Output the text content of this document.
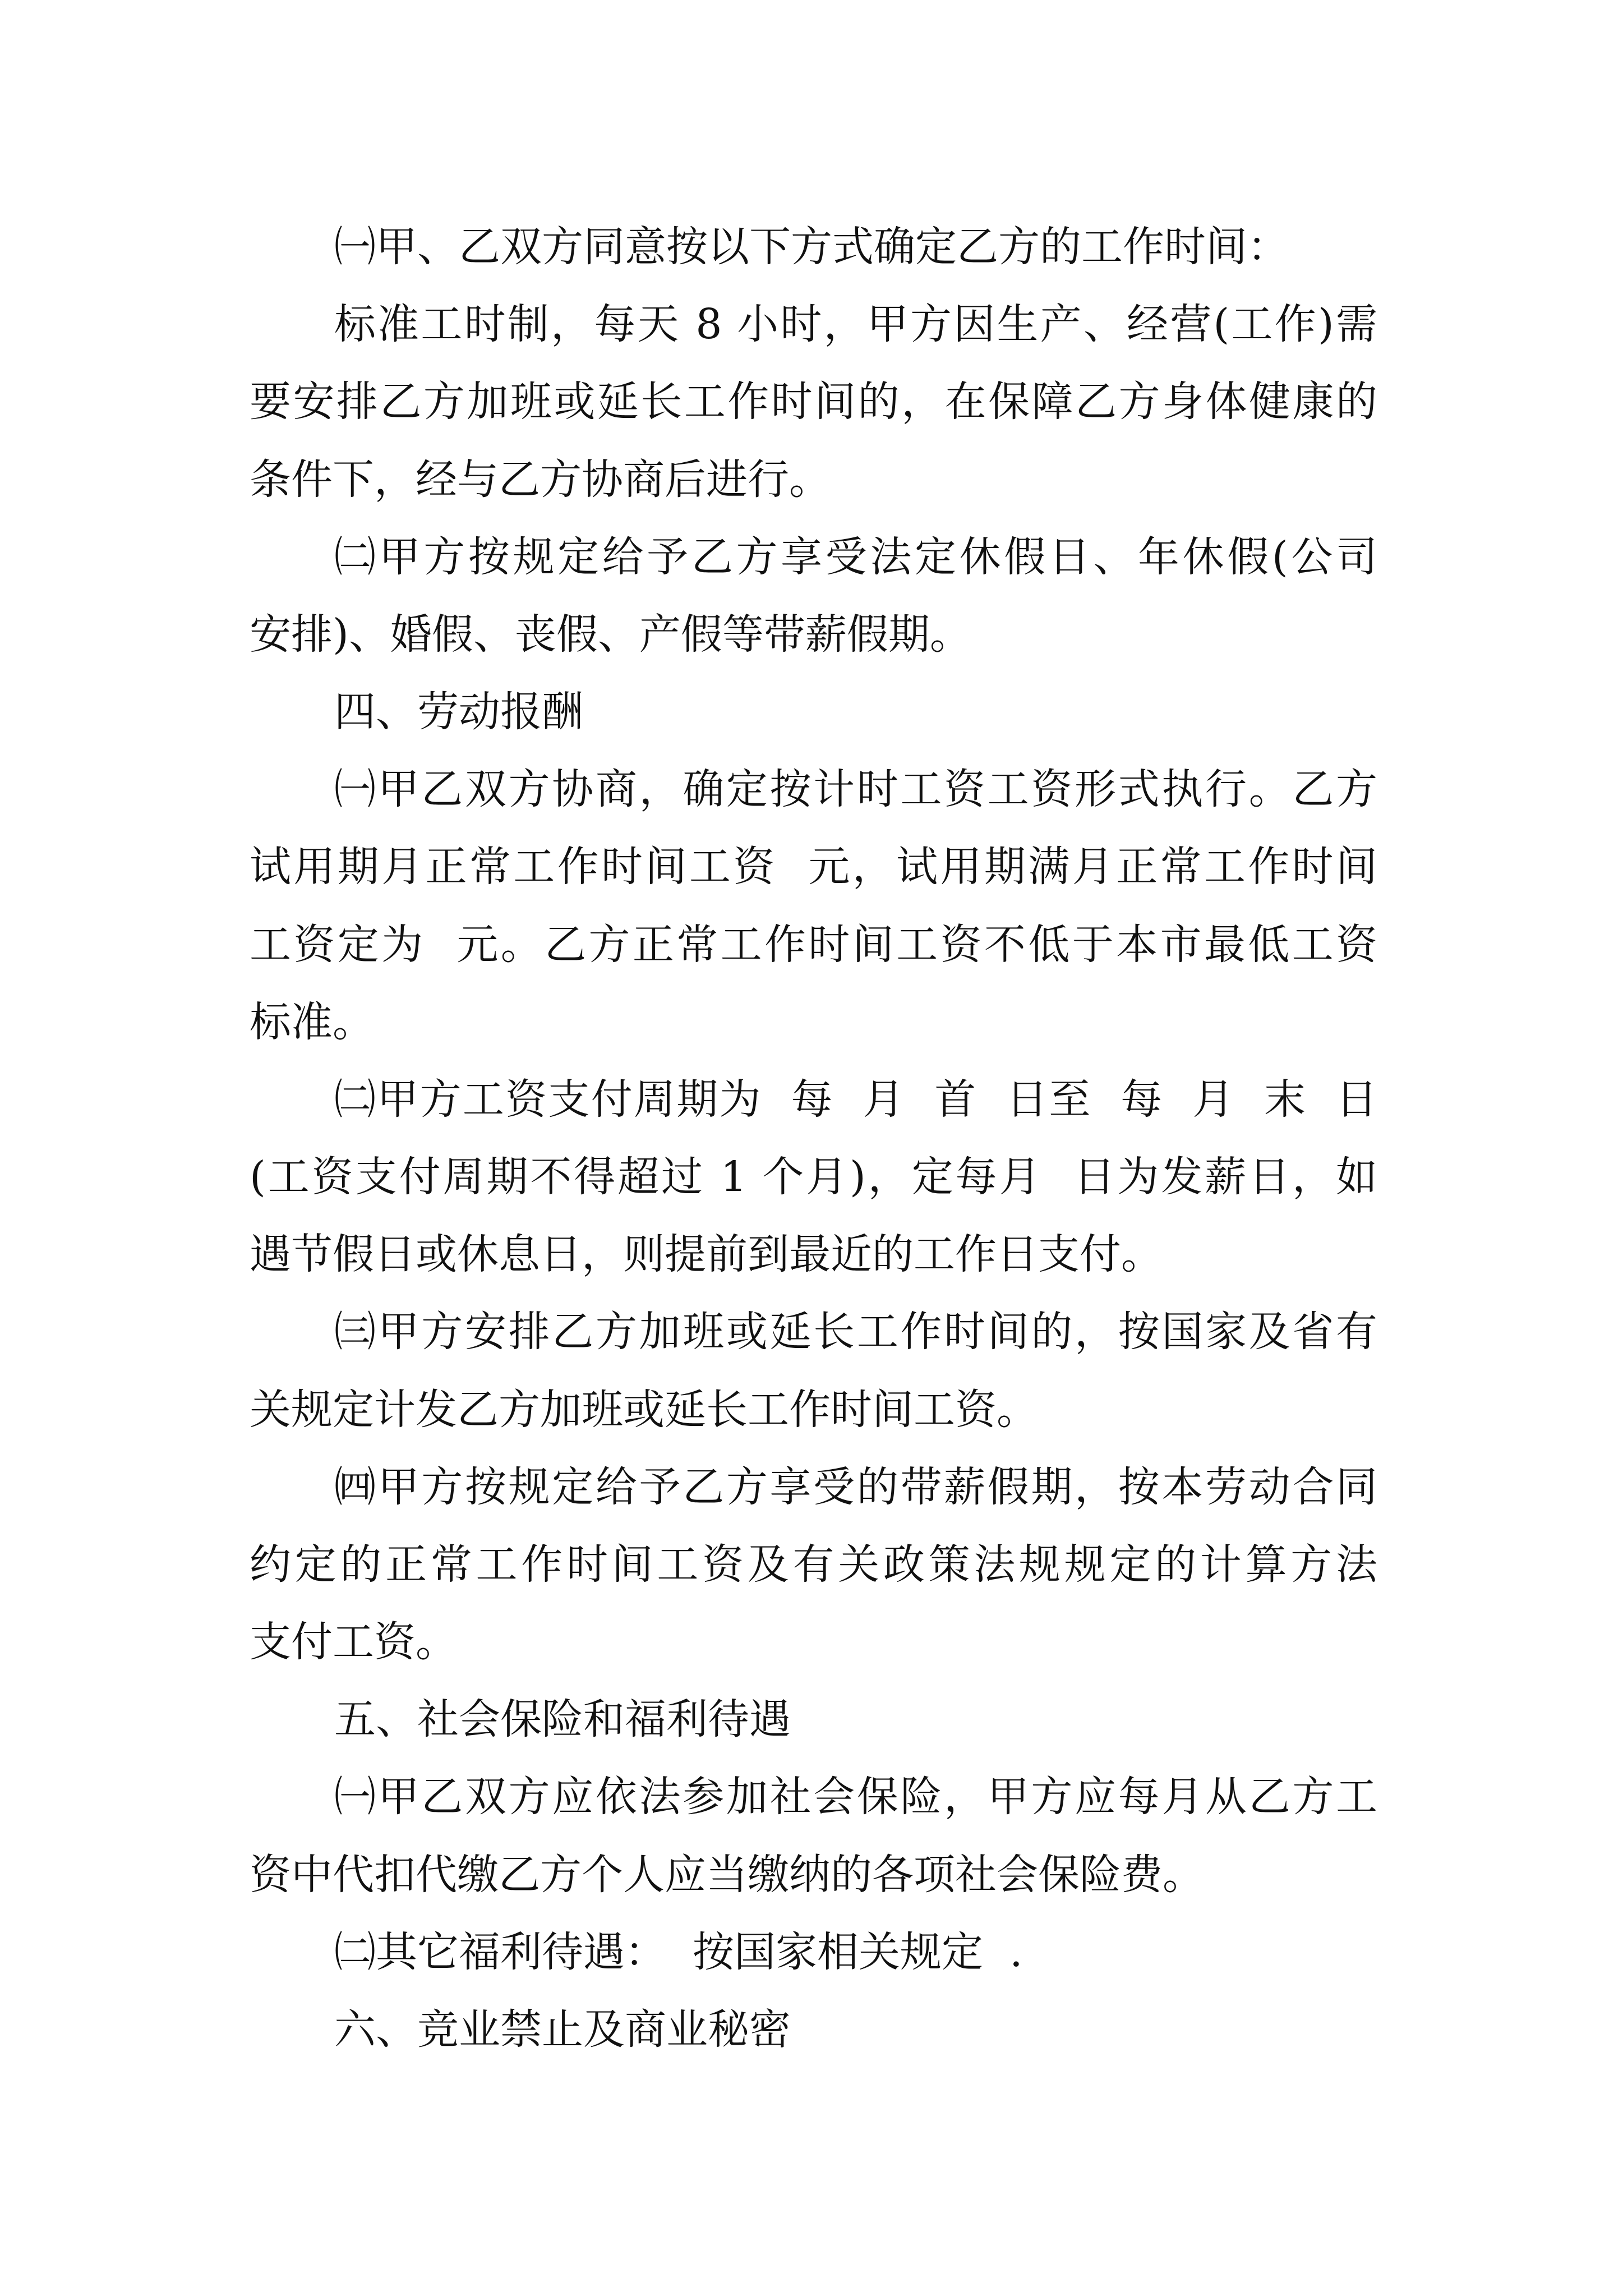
㈠甲、乙双方同意按以下方式确定乙方的工作时间：
标准工时制，每天 8 小时，甲方因生产、经营(工作)需
要安排乙方加班或延长工作时间的，在保障乙方身体健康的
条件下，经与乙方协商后进行。
㈡甲方按规定给予乙方享受法定休假日、年休假(公司
安排)、婚假、丧假、产假等带薪假期。
四、劳动报酬
㈠甲乙双方协商，确定按计时工资工资形式执行。乙方
试用期月正常工作时间工资  元，试用期满月正常工作时间
工资定为  元。乙方正常工作时间工资不低于本市最低工资
标准。
㈡甲方工资支付周期为  每  月  首  日至  每  月  末  日
(工资支付周期不得超过 1 个月)，定每月  日为发薪日，如
遇节假日或休息日，则提前到最近的工作日支付。
㈢甲方安排乙方加班或延长工作时间的，按国家及省有
关规定计发乙方加班或延长工作时间工资。
㈣甲方按规定给予乙方享受的带薪假期，按本劳动合同
约定的正常工作时间工资及有关政策法规规定的计算方法
支付工资。
五、社会保险和福利待遇
㈠甲乙双方应依法参加社会保险，甲方应每月从乙方工
资中代扣代缴乙方个人应当缴纳的各项社会保险费。
㈡其它福利待遇：  按国家相关规定  .
六、竞业禁止及商业秘密
